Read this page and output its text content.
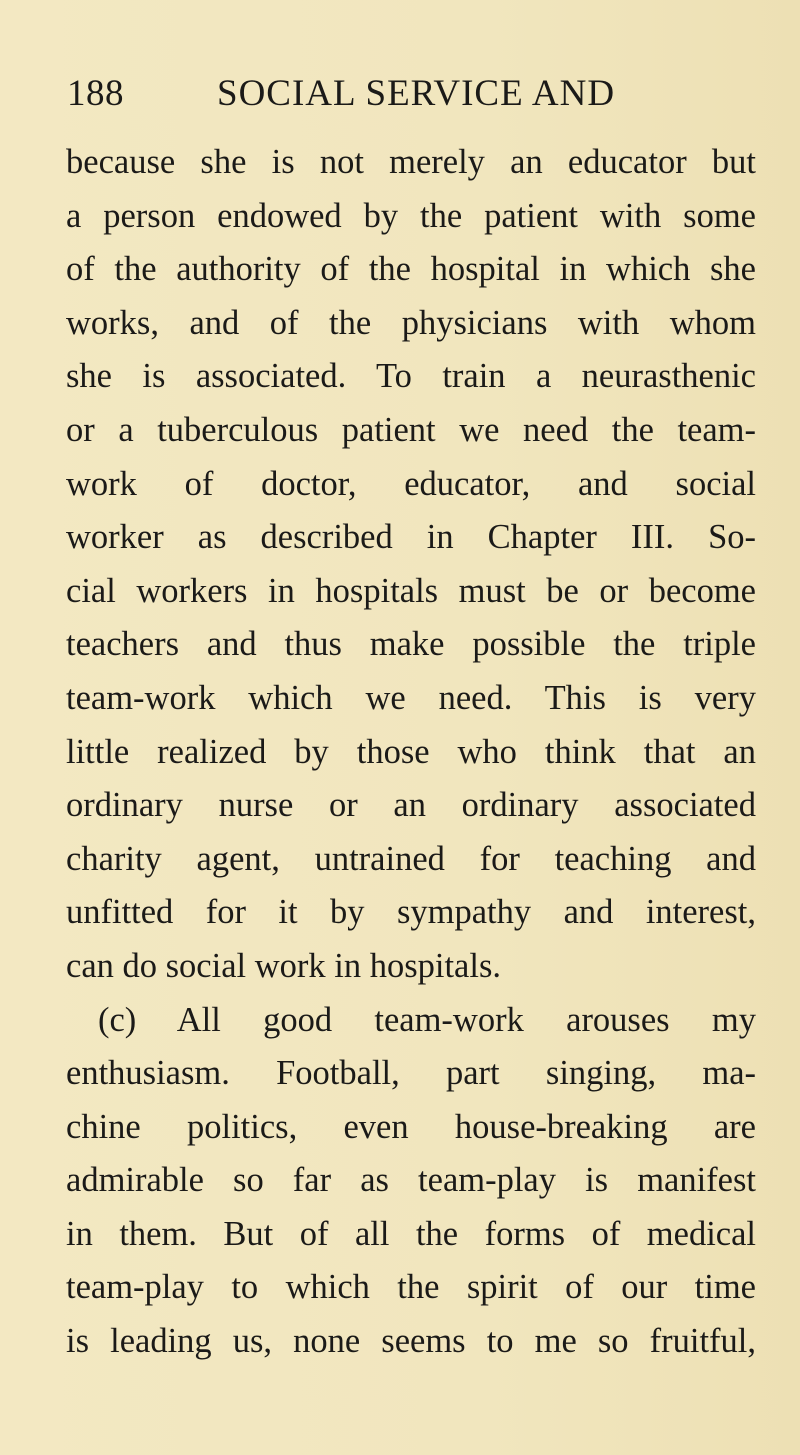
188	SOCIAL SERVICE AND
because she is not merely an educator but
a person endowed by the patient with some
of the authority of the hospital in which she
works, and of the physicians with whom
she is associated. To train a neurasthenic
or a tuberculous patient we need the team-
work of doctor, educator, and social
worker as described in Chapter III. So-
cial workers in hospitals must be or become
teachers and thus make possible the triple
team-work which we need. This is very
little realized by those who think that an
ordinary nurse or an ordinary associated
charity agent, untrained for teaching and
unfitted for it by sympathy and interest,
can do social work in hospitals.
(c) All good team-work arouses my
enthusiasm. Football, part singing, ma-
chine politics, even house-breaking are
admirable so far as team-play is manifest
in them. But of all the forms of medical
team-play to which the spirit of our time
is leading us, none seems to me so fruitful,
